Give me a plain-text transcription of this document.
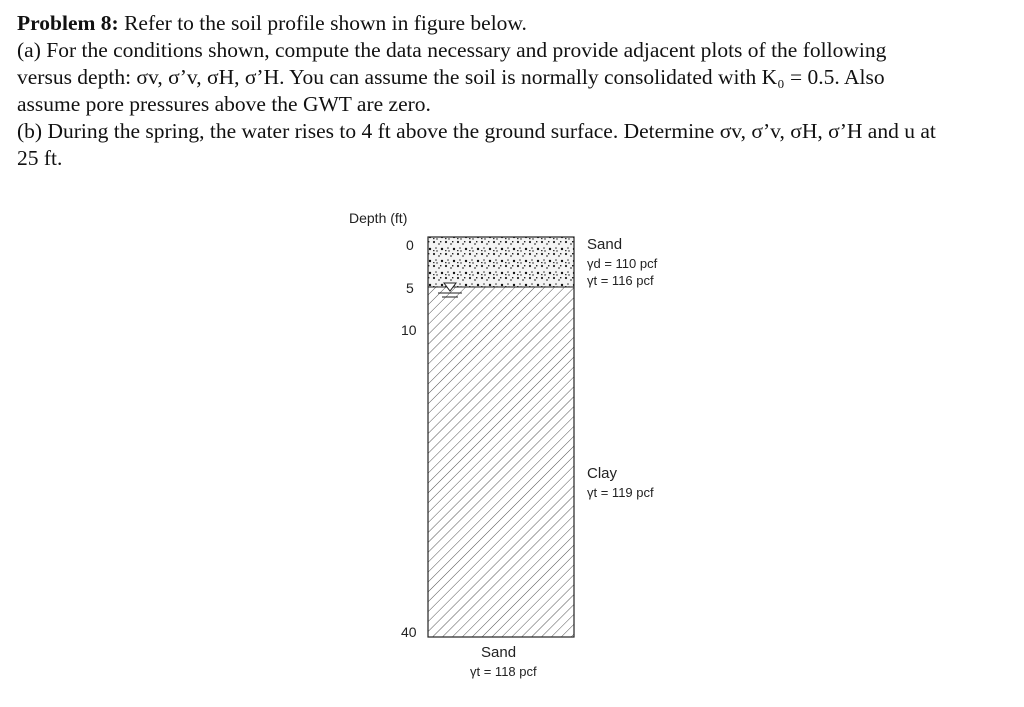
Problem 8: Refer to the soil profile shown in figure below.

(a) For the conditions shown, compute the data necessary and provide adjacent plots of the following

versus depth: σv, σ’v, σH, σ’H. You can assume the soil is normally consolidated with K₀ = 0.5. Also

assume pore pressures above the GWT are zero.

(b) During the spring, the water rises to 4 ft above the ground surface. Determine σv, σ’v, σH, σ’H and u at

25 ft.

Depth (ft)
0
5
10
40
Sand
γd = 110 pcf
γt = 116 pcf
Clay
γt = 119 pcf
Sand
γt = 118 pcf
